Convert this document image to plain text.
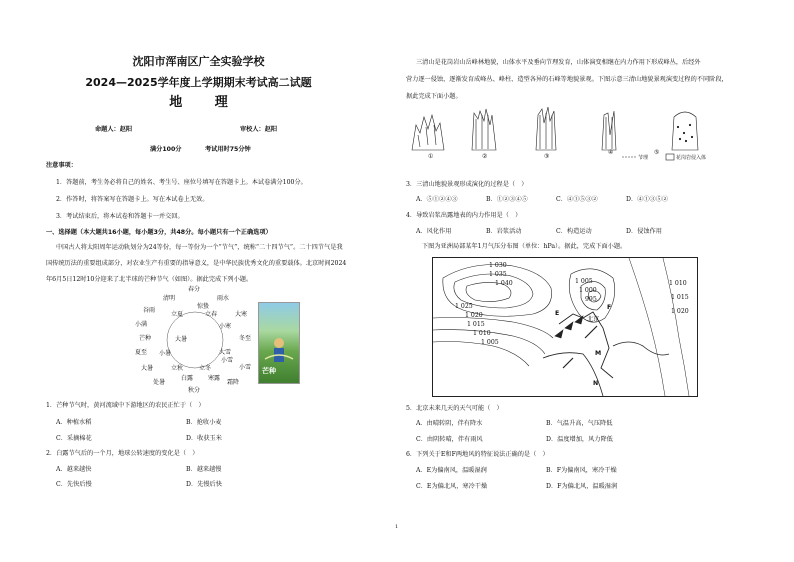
沈阳市浑南区广全实验学校
2024—2025学年度上学期期末考试高二试题
地 理
命题人：赵阳	审校人：赵阳
满分100分	考试用时75分钟
注意事项：
1．答题前，考生务必将自己的姓名、考生号、座位号填写在答题卡上。本试卷满分100分。
2．作答时，将答案写在答题卡上。写在本试卷上无效。
3．考试结束后，将本试卷和答题卡一并交回。
一、选择题（本大题共16小题，每小题3分，共48分。每小题只有一个正确选项）
中国古人将太阳周年运动轨划分为24等份，每一等份为一个“节气”，统称“二十四节气”。二十四节气是我
国传统历法的重要组成部分，对农业生产有重要的指导意义，是中华民族优秀文化的重要载体。北京时间2024
年6月5日12时10分迎来了北半球的芒种节气（如图）。据此完成下列小题。
春分
清明
谷雨
小满
芒种
夏至 小暑
大暑
处暑
白露
秋分
寒露
霜降
小雪
大雪
冬至
大寒
雨水
惊蛰
立春
小寒
立夏
立秋	立冬
小雪
大暑
芒种
1．芒种节气时，黄河流域中下游地区的农民正忙于（　）
A．种植水稻	B．抢收小麦
C．采摘棉花	D．收获玉米
2．白露节气后的一个月，地球公转速度的变化是（　）
A．越来越快	B．越来越慢
C．先快后慢	D．先慢后快
三清山是花岗岩山岳峰林地貌，山体水平及垂向节理发育，山体演变相继在内力作用下形成峰丛，后经外
营力逐一侵蚀，逐渐发育成峰丛、峰柱、造型各异的石峰等地貌景观。下图示意三清山地貌景观演变过程的不同阶段，
据此完成下面小题。
①	②	③
④	⑤
节理	花岗岩侵入体
3．三清山地貌景观形成演化的过程是（　）
A．⑤①②④③	B．①②③④⑤	C．④①⑤③②	D．④①③⑤②
4．导致岩浆出露地表的内力作用是（　）
A．风化作用	B．岩浆活动	C．构造运动	D．侵蚀作用
下图为亚洲局部某年1月气压分布图（单位：hPa）。据此，完成下面小题。
1 030
1 035
1 040
1 025
1 020
1 015
1 010
1 005
1 005
1 000
995
1 010
1 015
1 020
E
F
北京
M
N
5．北京未来几天的天气可能（　）
A．由晴转阴，伴有降水	B．气温升高，气压降低
C．由阴转晴，伴有雨风	D．温度增加，风力降低
6．下列关于E和F两地风的特征说法正确的是（　）
A．E为偏南风，温暖湿润	B．F为偏南风，寒冷干燥
C．E为偏北风，寒冷干燥	D．F为偏北风，温暖湿润
1
